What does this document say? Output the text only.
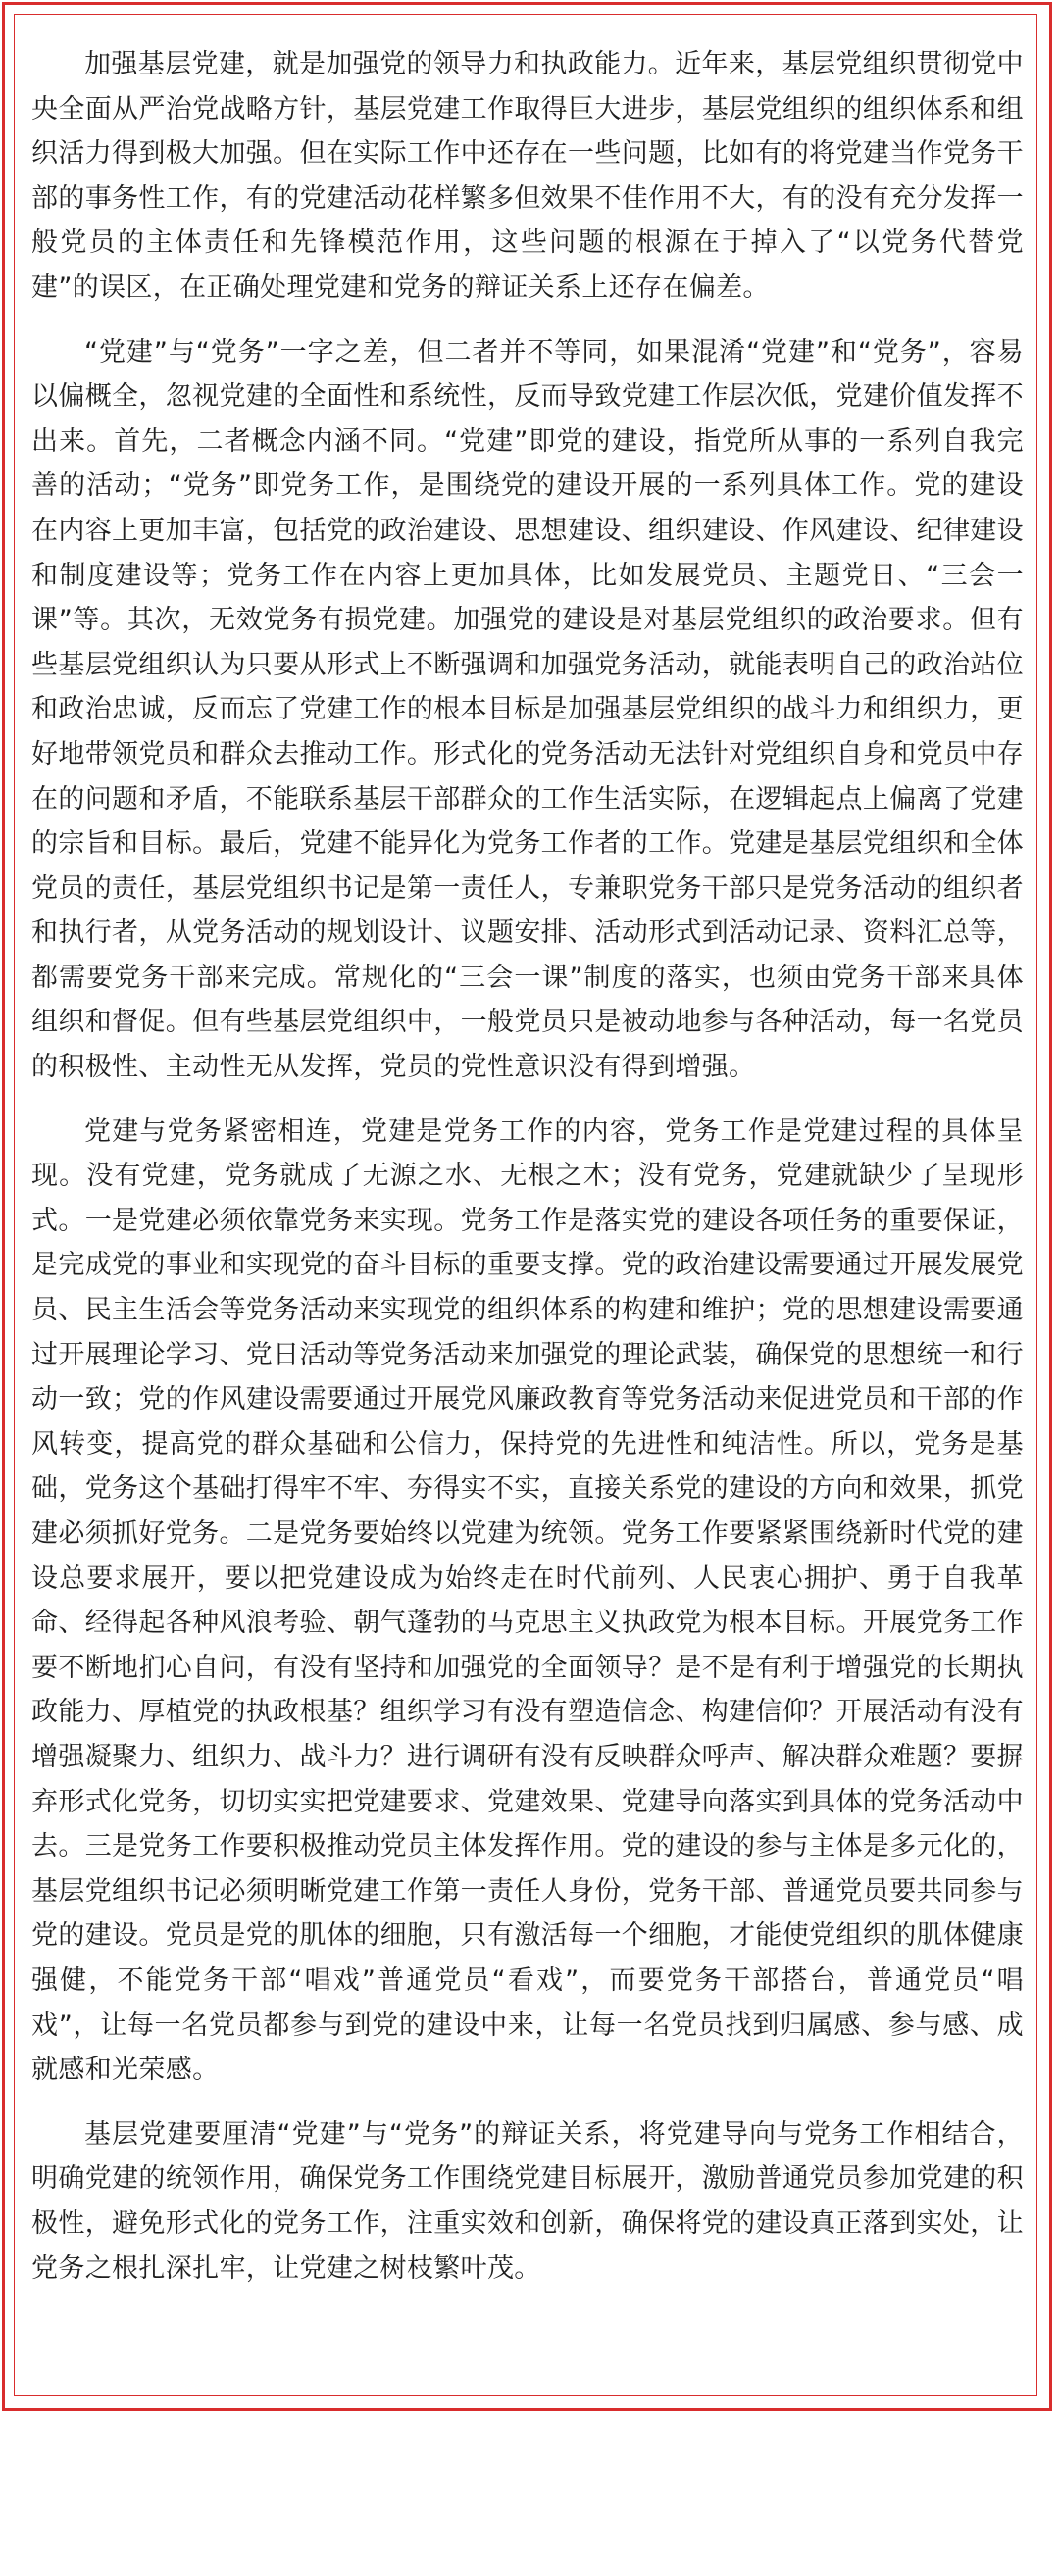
加强基层党建，就是加强党的领导力和执政能力。近年来，基层党组织贯彻党中央全面从严治党战略方针，基层党建工作取得巨大进步，基层党组织的组织体系和组织活力得到极大加强。但在实际工作中还存在一些问题，比如有的将党建当作党务干部的事务性工作，有的党建活动花样繁多但效果不佳作用不大，有的没有充分发挥一般党员的主体责任和先锋模范作用，这些问题的根源在于掉入了“以党务代替党建”的误区，在正确处理党建和党务的辩证关系上还存在偏差。

“党建”与“党务”一字之差，但二者并不等同，如果混淆“党建”和“党务”，容易以偏概全，忽视党建的全面性和系统性，反而导致党建工作层次低，党建价值发挥不出来。首先，二者概念内涵不同。“党建”即党的建设，指党所从事的一系列自我完善的活动；“党务”即党务工作，是围绕党的建设开展的一系列具体工作。党的建设在内容上更加丰富，包括党的政治建设、思想建设、组织建设、作风建设、纪律建设和制度建设等；党务工作在内容上更加具体，比如发展党员、主题党日、“三会一课”等。其次，无效党务有损党建。加强党的建设是对基层党组织的政治要求。但有些基层党组织认为只要从形式上不断强调和加强党务活动，就能表明自己的政治站位和政治忠诚，反而忘了党建工作的根本目标是加强基层党组织的战斗力和组织力，更好地带领党员和群众去推动工作。形式化的党务活动无法针对党组织自身和党员中存在的问题和矛盾，不能联系基层干部群众的工作生活实际，在逻辑起点上偏离了党建的宗旨和目标。最后，党建不能异化为党务工作者的工作。党建是基层党组织和全体党员的责任，基层党组织书记是第一责任人，专兼职党务干部只是党务活动的组织者和执行者，从党务活动的规划设计、议题安排、活动形式到活动记录、资料汇总等，都需要党务干部来完成。常规化的“三会一课”制度的落实，也须由党务干部来具体组织和督促。但有些基层党组织中，一般党员只是被动地参与各种活动，每一名党员的积极性、主动性无从发挥，党员的党性意识没有得到增强。

党建与党务紧密相连，党建是党务工作的内容，党务工作是党建过程的具体呈现。没有党建，党务就成了无源之水、无根之木；没有党务，党建就缺少了呈现形式。一是党建必须依靠党务来实现。党务工作是落实党的建设各项任务的重要保证，是完成党的事业和实现党的奋斗目标的重要支撑。党的政治建设需要通过开展发展党员、民主生活会等党务活动来实现党的组织体系的构建和维护；党的思想建设需要通过开展理论学习、党日活动等党务活动来加强党的理论武装，确保党的思想统一和行动一致；党的作风建设需要通过开展党风廉政教育等党务活动来促进党员和干部的作风转变，提高党的群众基础和公信力，保持党的先进性和纯洁性。所以，党务是基础，党务这个基础打得牢不牢、夯得实不实，直接关系党的建设的方向和效果，抓党建必须抓好党务。二是党务要始终以党建为统领。党务工作要紧紧围绕新时代党的建设总要求展开，要以把党建设成为始终走在时代前列、人民衷心拥护、勇于自我革命、经得起各种风浪考验、朝气蓬勃的马克思主义执政党为根本目标。开展党务工作要不断地扪心自问，有没有坚持和加强党的全面领导？是不是有利于增强党的长期执政能力、厚植党的执政根基？组织学习有没有塑造信念、构建信仰？开展活动有没有增强凝聚力、组织力、战斗力？进行调研有没有反映群众呼声、解决群众难题？要摒弃形式化党务，切切实实把党建要求、党建效果、党建导向落实到具体的党务活动中去。三是党务工作要积极推动党员主体发挥作用。党的建设的参与主体是多元化的，基层党组织书记必须明晰党建工作第一责任人身份，党务干部、普通党员要共同参与党的建设。党员是党的肌体的细胞，只有激活每一个细胞，才能使党组织的肌体健康强健，不能党务干部“唱戏”普通党员“看戏”，而要党务干部搭台，普通党员“唱戏”，让每一名党员都参与到党的建设中来，让每一名党员找到归属感、参与感、成就感和光荣感。

基层党建要厘清“党建”与“党务”的辩证关系，将党建导向与党务工作相结合，明确党建的统领作用，确保党务工作围绕党建目标展开，激励普通党员参加党建的积极性，避免形式化的党务工作，注重实效和创新，确保将党的建设真正落到实处，让党务之根扎深扎牢，让党建之树枝繁叶茂。
